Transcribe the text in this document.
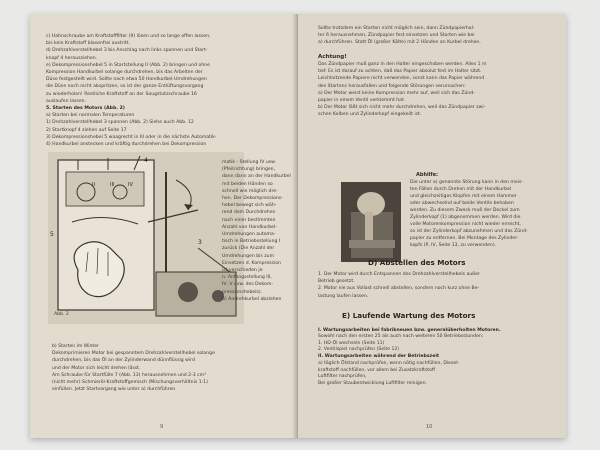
c) Hahnschraube am Kraftstofffilter (9) lösen und so lange offen lassen,
bis kein Kraftstoff blasenfrei austritt.
d) Drehzahlverstellhebel 3 bis Anschlag nach links spannen und Start-
knopf 4 herausziehen.
e) Dekompressionshebel 5 in Startstellung II (Abb. 2) bringen und ohne
Kompression Handkurbel solange durchdrehen, bis das Arbeiten der
Düse festgestellt wird. Sollte nach etwa 50 Handkurbel-Umdrehungen
die Düse noch nicht abspritzen, so ist der ganze Entlüftungsvorgang
zu wiederholen! Restliche Kraftstoff an der Saugstutzschraube 16
auslaufen lassen.
5. Starten des Motors (Abb. 2)
a) Starten bei normalen Temperaturen
1) Drehzahlverstellhebel 3 spannen (Abb. 2) Siehe auch Abb. 12
2) Startknopf 4 ziehen auf Seite 17
3) Dekompressionshebel 5 waagrecht in III oder in die nächste Automatik-
4) Handkurbel anstecken und kräftig durchdrehen bei Dekompression
3
5
4
II	III	IV
Abb. 2
matik - Stellung IV usw.
(Pfeilrichtung) bringen,
dann dann an der Handkurbel
mit beiden Händen so
schnell wie möglich dre-
hen. Der Dekompressions-
hebel bewegt sich wäh-
rend dem Durchdrehen
nach einer bestimmten
Anzahl von Handkurbel-
Umdrehungen automa-
tisch in Betriebsstellung I
zurück (Die Anzahl der
Umdrehungen bis zum
Einsetzen d. Kompression
ist verschieden je
n. Anfangsstellung III,
IV, V usw. des Dekom-
pressionshebels).
6) Andrehkurbel abziehen
b) Starten im Winter
Dekomprimieren Motor bei gespanntem Drehzahlverstellhebel solange
durchdrehen, bis das Öl an der Zylinderwand dünnflüssig wird
und der Motor sich leicht drehen lässt.
Am Schraube für Startfülle 7 (Abb. 13) herausnehmen und 2-3 cm³
(nicht mehr) Schmieröl-Kraftstoffgemisch (Mischungsverhältnis 1:1)
einfüllen. Jetzt Startvorgang wie unter a) durchführen.
9
Sollte trotzdem ein Starten nicht möglich sein, dann Zündpapierhal-
ter 6 herausnehmen, Zündpapier fest einsetzen und Starten wie bei
a) durchführen. Statt Öl (großer Kälte) mit 2 Händen an Kurbel drehen.
Achtung!
Das Zündpapier muß ganz in den Halter eingeschoben werden. Alles 1 m
tief. Es ist darauf zu achten, daß das Papier absolut fest im Halter sitzt.
Leichtsitzende Papiere nicht verwenden, sonst kann das Papier während
des Startens herausfallen und folgende Störungen verursachen:
a) Der Motor weist keine Kompression mehr auf, weil sich das Zünd-
papier in einem Ventil verklemmt hat.
b) Der Motor läßt sich nicht mehr durchdrehen, weil das Zündpapier zwi-
schen Kolben und Zylinderkopf eingekeilt ist.
Abhilfe:
Die unter a) genannte Störung kann in den meis-
ten Fällen durch Drehen mit der Handkurbel
und gleichzeitiges Klopfen mit einem Hammer
oder abwechselnd auf beide Ventile behoben
werden. Zu diesem Zweck muß der Deckel zum
Zylinderkopf (1) abgenommen werden. Wird die
volle Motorenkompression nicht wieder erreicht,
so ist der Zylinderkopf abzunehmen und das Zünd-
papier zu entfernen. Bei Montage des Zylinder-
kopfs (P, IV, Seite 13, zu verwenden).
D) Abstellen des Motors
1. Der Motor wird durch Entspannen des Drehzahlverstellhebels außer
Betrieb gesetzt.
2. Motor nie aus Vollast schnell abstellen, sondern noch kurz ohne Be-
lastung laufen lassen.
E) Laufende Wartung des Motors
I. Wartungsarbeiten bei fabrikneuen bzw. generalüberholten Motoren.
Sowohl nach den ersten 25 als auch nach weiteren 50 Betriebsstunden:
1. HD-Öl wechseln (Seite 11)
2. Ventilspiel nachprüfen (Seite 12)
II. Wartungsarbeiten während der Betriebszeit
a) täglich Ölstand nachprüfen, wenn nötig nachfüllen, Diesel-
kraftstoff nachfüllen, vor allem bei Zusatzkraftstoff
Luftfilter nachprüfen,
Bei großer Staubentwicklung Luftfilter reinigen.
10
